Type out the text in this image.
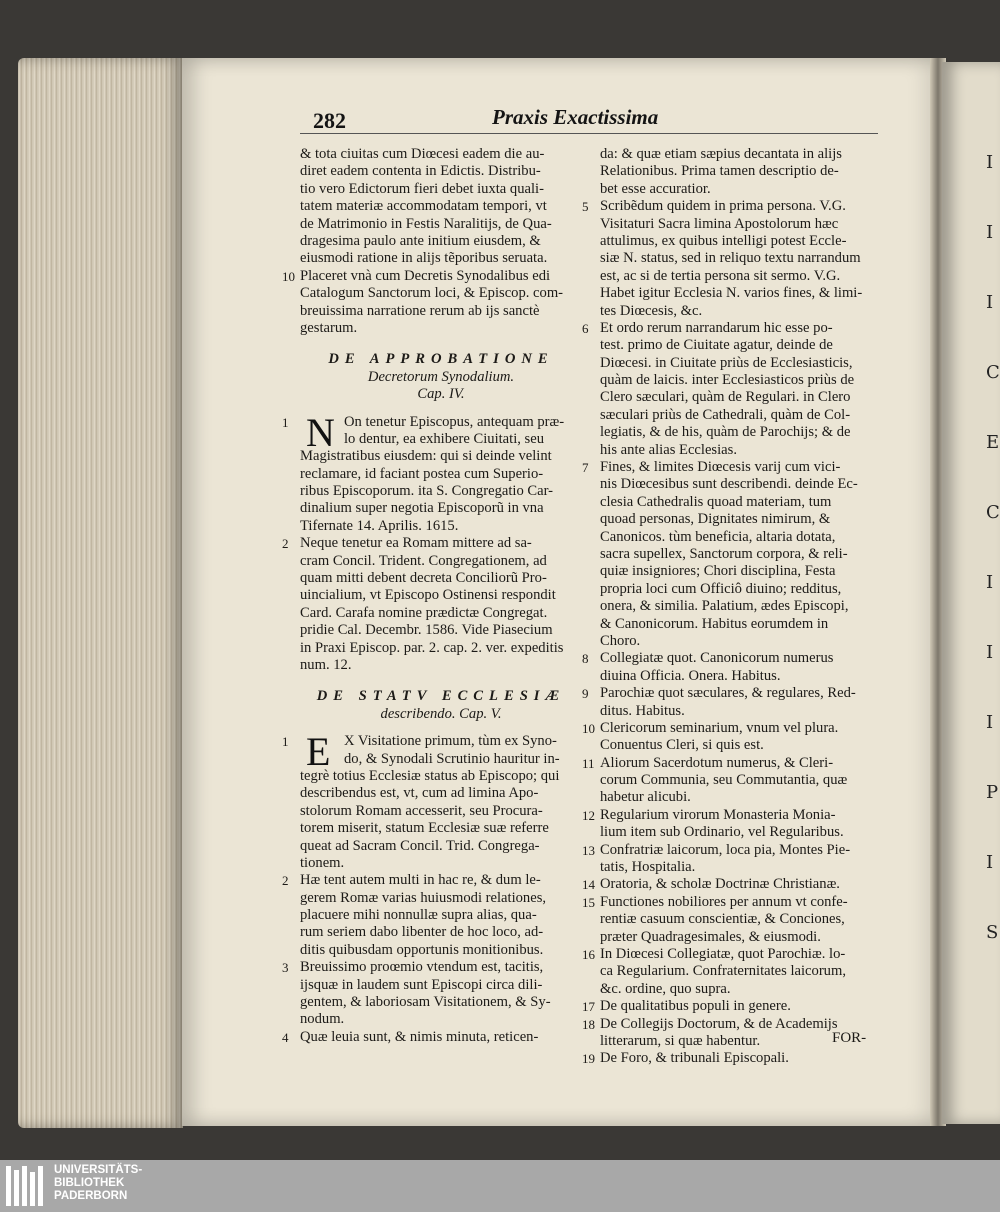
I
I
I
C
E
C
I
I
I
P
I
S
282	Praxis Exactissima
& tota ciuitas cum Diœcesi eadem die au-
diret eadem contenta in Edictis. Distribu-
tio vero Edictorum fieri debet iuxta quali-
tatem materiæ accommodatam tempori, vt
de Matrimonio in Festis Naralitijs, de Qua-
dragesima paulo ante initium eiusdem, &
eiusmodi ratione in alijs tẽporibus seruata.
10 Placeret vnà cum Decretis Synodalibus edi
Catalogum Sanctorum loci, & Episcop. com-
breuissima narratione rerum ab ijs sanctè
gestarum.
DE APPROBATIONE

Decretorum Synodalium.

Cap. IV.

1 N On tenetur Episcopus, antequam præ-
lo dentur, ea exhibere Ciuitati, seu
Magistratibus eiusdem: qui si deinde velint
reclamare, id faciant postea cum Superio-
ribus Episcoporum. ita S. Congregatio Car-
dinalium super negotia Episcoporũ in vna
Tifernate 14. Aprilis. 1615.
2 Neque tenetur ea Romam mittere ad sa-
cram Concil. Trident. Congregationem, ad
quam mitti debent decreta Conciliorũ Pro-
uincialium, vt Episcopo Ostinensi respondit
Card. Carafa nomine prædictæ Congregat.
pridie Cal. Decembr. 1586. Vide Piasecium
in Praxi Episcop. par. 2. cap. 2. ver. expeditis
num. 12.
DE STATV ECCLESIÆ

describendo. Cap. V.

1 E X Visitatione primum, tùm ex Syno-
do, & Synodali Scrutinio hauritur in-
tegrè totius Ecclesiæ status ab Episcopo; qui
describendus est, vt, cum ad limina Apo-
stolorum Romam accesserit, seu Procura-
torem miserit, statum Ecclesiæ suæ referre
queat ad Sacram Concil. Trid. Congrega-
tionem.
2 Hæ tent autem multi in hac re, & dum le-
gerem Romæ varias huiusmodi relationes,
placuere mihi nonnullæ supra alias, qua-
rum seriem dabo libenter de hoc loco, ad-
ditis quibusdam opportunis monitionibus.
3 Breuissimo proœmio vtendum est, tacitis,
ijsquæ in laudem sunt Episcopi circa dili-
gentem, & laboriosam Visitationem, & Sy-
nodum.
4 Quæ leuia sunt, & nimis minuta, reticen-
da: & quæ etiam sæpius decantata in alijs
Relationibus. Prima tamen descriptio de-
bet esse accuratior.
5 Scribẽdum quidem in prima persona. V.G.
Visitaturi Sacra limina Apostolorum hæc
attulimus, ex quibus intelligi potest Eccle-
siæ N. status, sed in reliquo textu narrandum
est, ac si de tertia persona sit sermo. V.G.
Habet igitur Ecclesia N. varios fines, & limi-
tes Diœcesis, &c.
6 Et ordo rerum narrandarum hic esse po-
test. primo de Ciuitate agatur, deinde de
Diœcesi. in Ciuitate priùs de Ecclesiasticis,
quàm de laicis. inter Ecclesiasticos priùs de
Clero sæculari, quàm de Regulari. in Clero
sæculari priùs de Cathedrali, quàm de Col-
legiatis, & de his, quàm de Parochijs; & de
his ante alias Ecclesias.
7 Fines, & limites Diœcesis varij cum vici-
nis Diœcesibus sunt describendi. deinde Ec-
clesia Cathedralis quoad materiam, tum
quoad personas, Dignitates nimirum, &
Canonicos. tùm beneficia, altaria dotata,
sacra supellex, Sanctorum corpora, & reli-
quiæ insigniores; Chori disciplina, Festa
propria loci cum Officiô diuino; redditus,
onera, & similia. Palatium, ædes Episcopi,
& Canonicorum. Habitus eorumdem in
Choro.
8 Collegiatæ quot. Canonicorum numerus
diuina Officia. Onera. Habitus.
9 Parochiæ quot sæculares, & regulares, Red-
ditus. Habitus.
10 Clericorum seminarium, vnum vel plura.
Conuentus Cleri, si quis est.
11 Aliorum Sacerdotum numerus, & Cleri-
corum Communia, seu Commutantia, quæ
habetur alicubi.
12 Regularium virorum Monasteria Monia-
lium item sub Ordinario, vel Regularibus.
13 Confratriæ laicorum, loca pia, Montes Pie-
tatis, Hospitalia.
14 Oratoria, & scholæ Doctrinæ Christianæ.
15 Functiones nobiliores per annum vt confe-
rentiæ casuum conscientiæ, & Conciones,
præter Quadragesimales, & eiusmodi.
16 In Diœcesi Collegiatæ, quot Parochiæ. lo-
ca Regularium. Confraternitates laicorum,
&c. ordine, quo supra.
17 De qualitatibus populi in genere.
18 De Collegijs Doctorum, & de Academijs
litterarum, si quæ habentur.
19 De Foro, & tribunali Episcopali.
FOR-
UNIVERSITÄTS-
BIBLIOTHEK
PADERBORN
